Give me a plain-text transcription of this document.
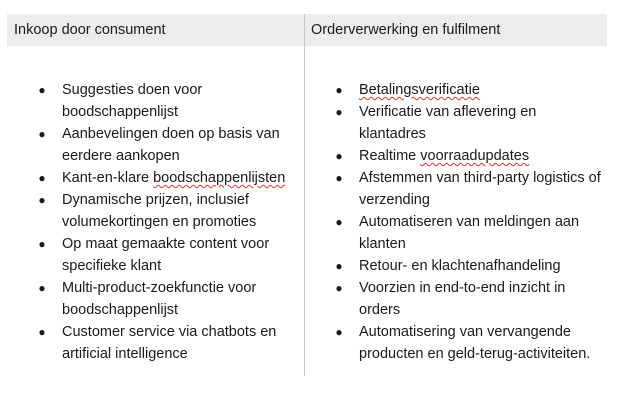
Inkoop door consument	Orderverwerking en fulfilment
● Suggesties doen voor boodschappenlijst
● Aanbevelingen doen op basis van eerdere aankopen
● Kant-en-klare boodschappenlijsten
● Dynamische prijzen, inclusief volumekortingen en promoties
● Op maat gemaakte content voor specifieke klant
● Multi-product-zoekfunctie voor boodschappenlijst
● Customer service via chatbots en artificial intelligence
● Betalingsverificatie
● Verificatie van aflevering en klantadres
● Realtime voorraadupdates
● Afstemmen van third-party logistics of verzending
● Automatiseren van meldingen aan klanten
● Retour- en klachtenafhandeling
● Voorzien in end-to-end inzicht in orders
● Automatisering van vervangende producten en geld-terug-activiteiten.
